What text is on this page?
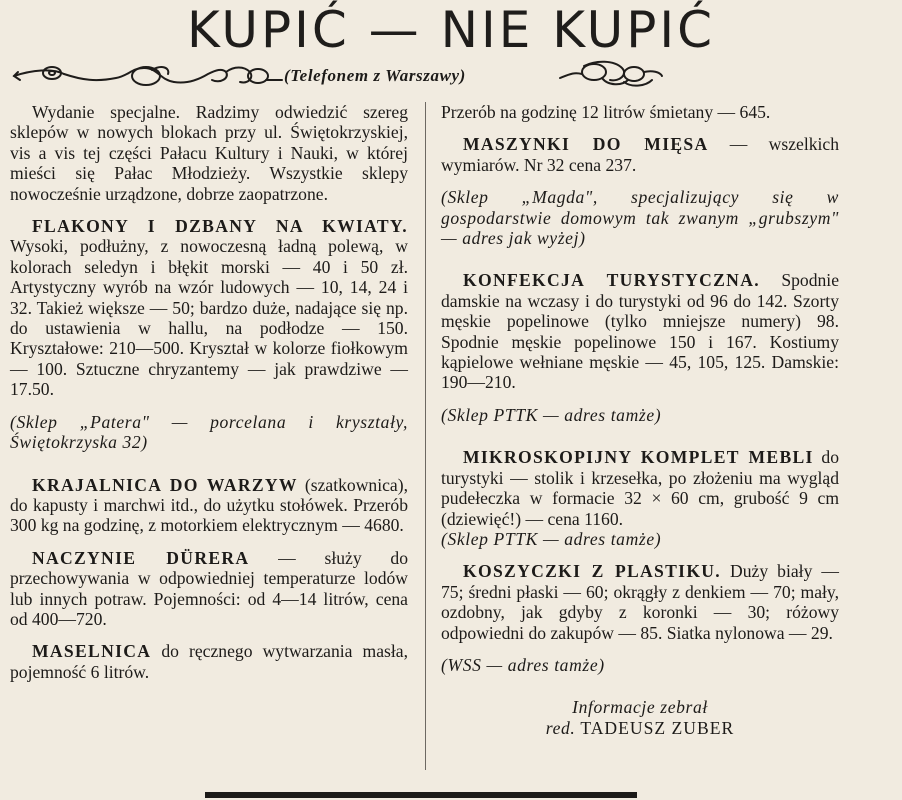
KUPIĆ — NIE KUPIĆ
(Telefonem z Warszawy)

Wydanie specjalne. Radzimy odwiedzić szereg sklepów w nowych blokach przy ul. Świętokrzyskiej, vis a vis tej części Pałacu Kultury i Nauki, w której mieści się Pałac Młodzieży. Wszystkie sklepy nowocześnie urządzone, dobrze zaopatrzone.

FLAKONY I DZBANY NA KWIATY. Wysoki, podłużny, z nowoczesną ładną polewą, w kolorach seledyn i błękit morski — 40 i 50 zł. Artystyczny wyrób na wzór ludowych — 10, 14, 24 i 32. Takież większe — 50; bardzo duże, nadające się np. do ustawienia w hallu, na podłodze — 150. Kryształowe: 210—500. Kryształ w kolorze fiołkowym — 100. Sztuczne chryzantemy — jak prawdziwe — 17.50.

(Sklep „Patera" — porcelana i kryształy, Świętokrzyska 32)

KRAJALNICA DO WARZYW (szatkownica), do kapusty i marchwi itd., do użytku stołówek. Przerób 300 kg na godzinę, z motorkiem elektrycznym — 4680.

NACZYNIE DÜRERA — służy do przechowywania w odpowiedniej temperaturze lodów lub innych potraw. Pojemności: od 4—14 litrów, cena od 400—720.

MASELNICA do ręcznego wytwarzania masła, pojemność 6 litrów.

Przerób na godzinę 12 litrów śmietany — 645.

MASZYNKI DO MIĘSA — wszelkich wymiarów. Nr 32 cena 237.

(Sklep „Magda", specjalizujący się w gospodarstwie domowym tak zwanym „grubszym" — adres jak wyżej)

KONFEKCJA TURYSTYCZNA. Spodnie damskie na wczasy i do turystyki od 96 do 142. Szorty męskie popelinowe (tylko mniejsze numery) 98. Spodnie męskie popelinowe 150 i 167. Kostiumy kąpielowe wełniane męskie — 45, 105, 125. Damskie: 190—210.

(Sklep PTTK — adres tamże)

MIKROSKOPIJNY KOMPLET MEBLI do turystyki — stolik i krzesełka, po złożeniu ma wygląd pudełeczka w formacie 32 × 60 cm, grubość 9 cm (dziewięć!) — cena 1160.

(Sklep PTTK — adres tamże)

KOSZYCZKI Z PLASTIKU. Duży biały — 75; średni płaski — 60; okrągły z denkiem — 70; mały, ozdobny, jak gdyby z koronki — 30; różowy odpowiedni do zakupów — 85. Siatka nylonowa — 29.

(WSS — adres tamże)

Informacje zebrał

red. TADEUSZ ZUBER
